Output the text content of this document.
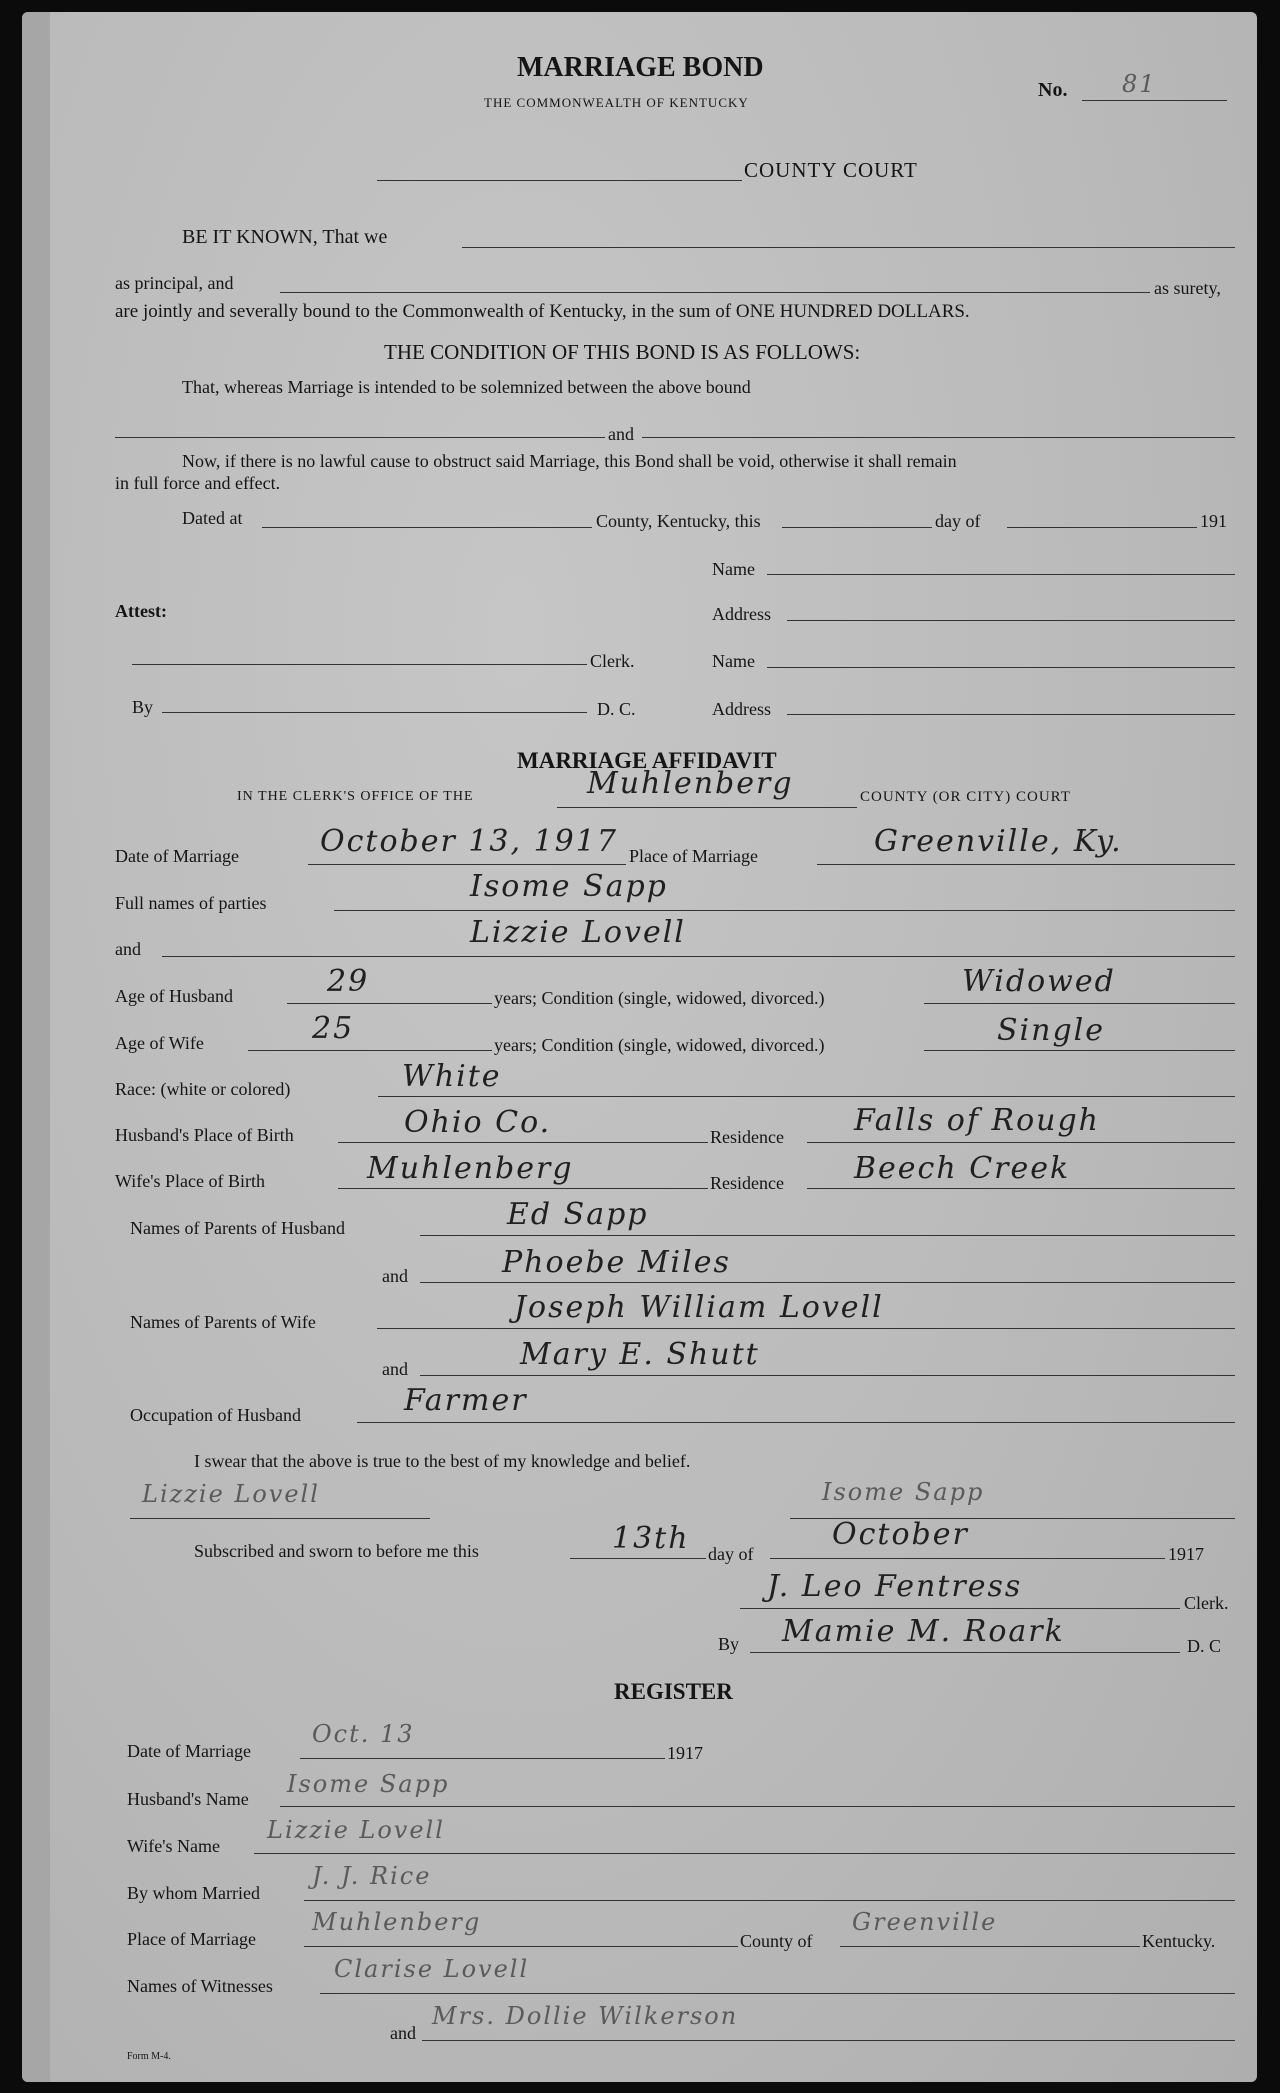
MARRIAGE BOND
THE COMMONWEALTH OF KENTUCKY
No. 81
COUNTY COURT
BE IT KNOWN, That we
as principal, and	as surety,
are jointly and severally bound to the Commonwealth of Kentucky, in the sum of ONE HUNDRED DOLLARS.
THE CONDITION OF THIS BOND IS AS FOLLOWS:
That, whereas Marriage is intended to be solemnized between the above bound
and
Now, if there is no lawful cause to obstruct said Marriage, this Bond shall be void, otherwise it shall remain
in full force and effect.
Dated at	County, Kentucky, this	day of	191
Name
Attest:	Address
Clerk.	Name
By	D. C.	Address
MARRIAGE AFFIDAVIT
IN THE CLERK'S OFFICE OF THE	Muhlenberg	COUNTY (OR CITY) COURT
Date of Marriage	October 13, 1917 Place of Marriage	Greenville, Ky.
Full names of parties	Isome Sapp
and	Lizzie Lovell
Age of Husband	29	years; Condition (single, widowed, divorced.)	Widowed
Age of Wife	25	years; Condition (single, widowed, divorced.)	Single
Race: (white or colored)	White
Husband's Place of Birth	Ohio Co.	Residence Falls of Rough
Wife's Place of Birth	Muhlenberg	Residence Beech Creek
Names of Parents of Husband	Ed Sapp
and	Phoebe Miles
Names of Parents of Wife	Joseph William Lovell
and	Mary E. Shutt
Occupation of Husband	Farmer
I swear that the above is true to the best of my knowledge and belief.
Lizzie Lovell	Isome Sapp
Subscribed and sworn to before me this	13th day of
October
1917
J. Leo Fentress	Clerk.
By Mamie M. Roark	D. C
REGISTER
Date of Marriage
Oct. 13
1917
Husband's Name
Isome Sapp
Wife's Name
Lizzie Lovell
By whom Married
J. J. Rice
Place of Marriage
Muhlenberg
County of
Greenville
Kentucky.
Names of Witnesses
Clarise Lovell
and
Mrs. Dollie Wilkerson
Form M-4.
